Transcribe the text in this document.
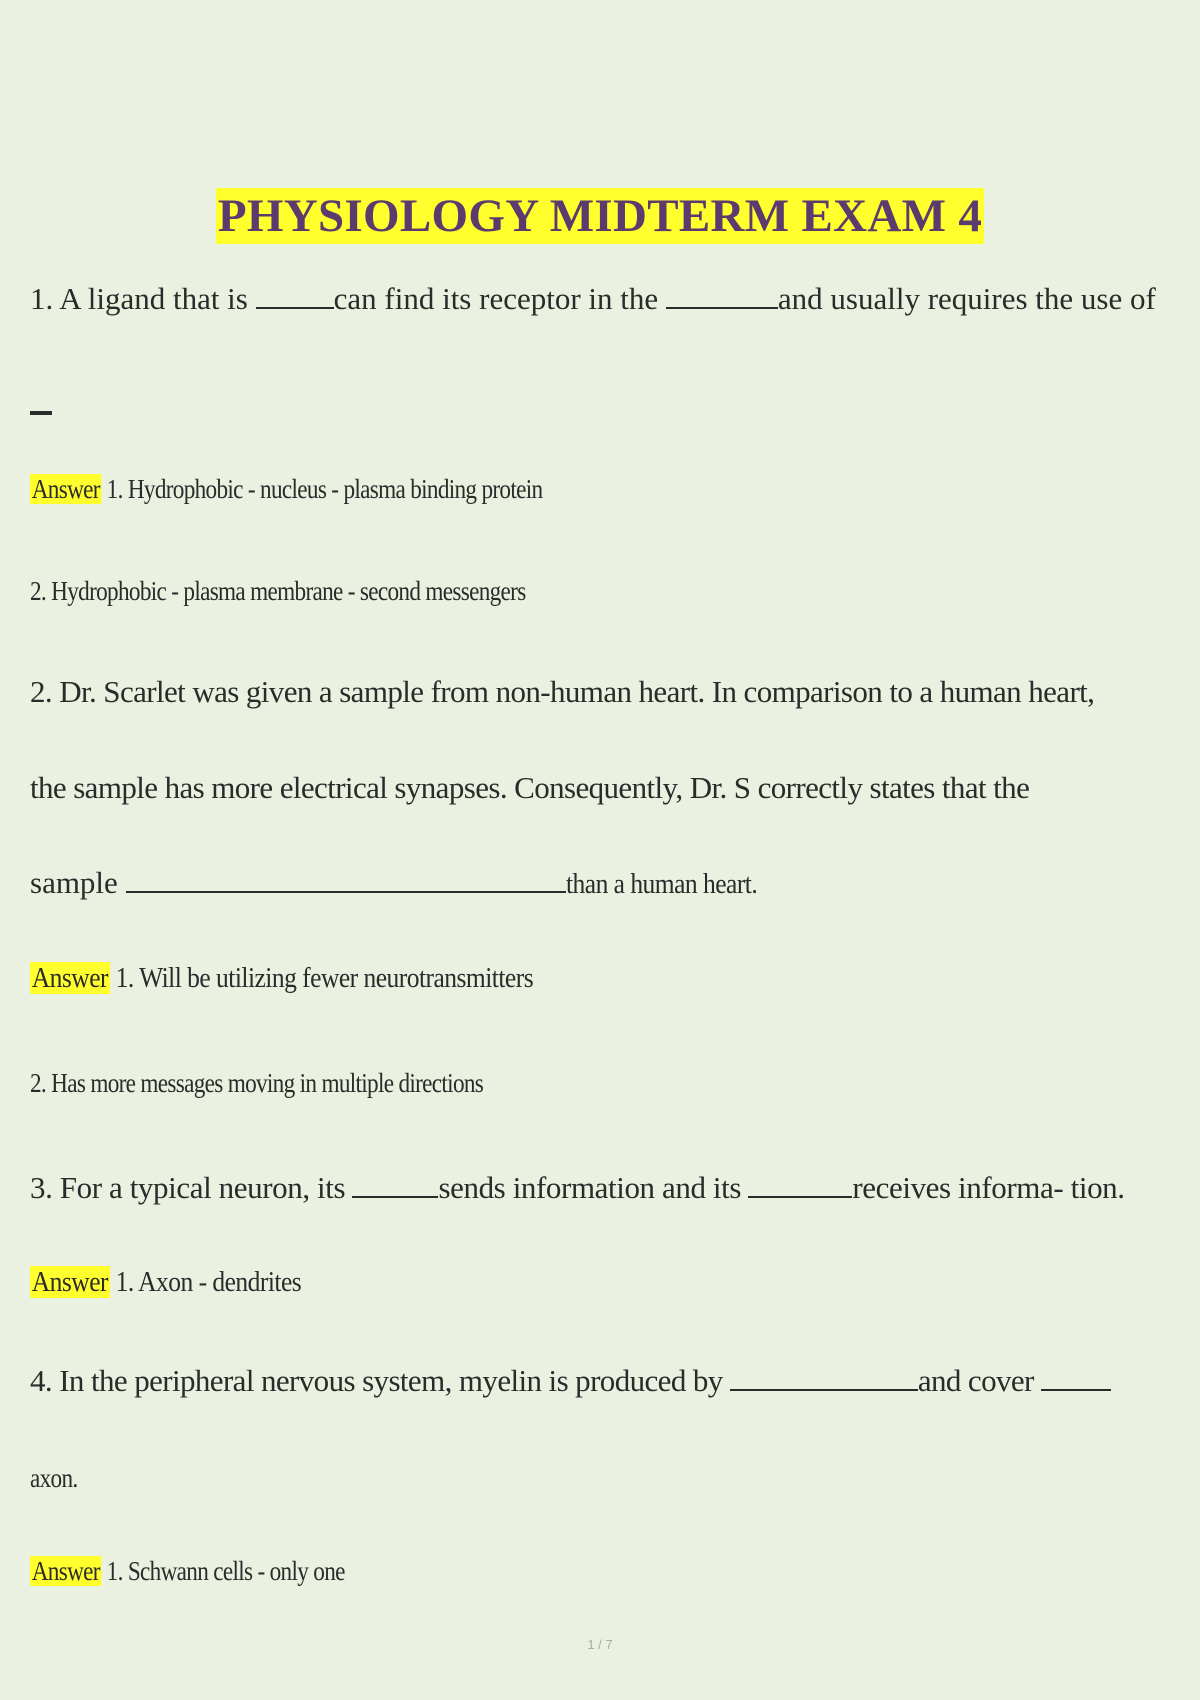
PHYSIOLOGY MIDTERM EXAM 4
1. A ligand that is	can find its receptor in the	and usually requires the use of
Answer 1. Hydrophobic - nucleus - plasma binding protein
2. Hydrophobic - plasma membrane - second messengers
2. Dr. Scarlet was given a sample from non-human heart. In comparison to a human heart,
the sample has more electrical synapses. Consequently, Dr. S correctly states that the
sample	than a human heart.
Answer 1. Will be utilizing fewer neurotransmitters
2. Has more messages moving in multiple directions
3. For a typical neuron, its	sends information and its	receives informa- tion.
Answer 1. Axon - dendrites
4. In the peripheral nervous system, myelin is produced by	and cover
axon.
Answer 1. Schwann cells - only one
1 / 7
